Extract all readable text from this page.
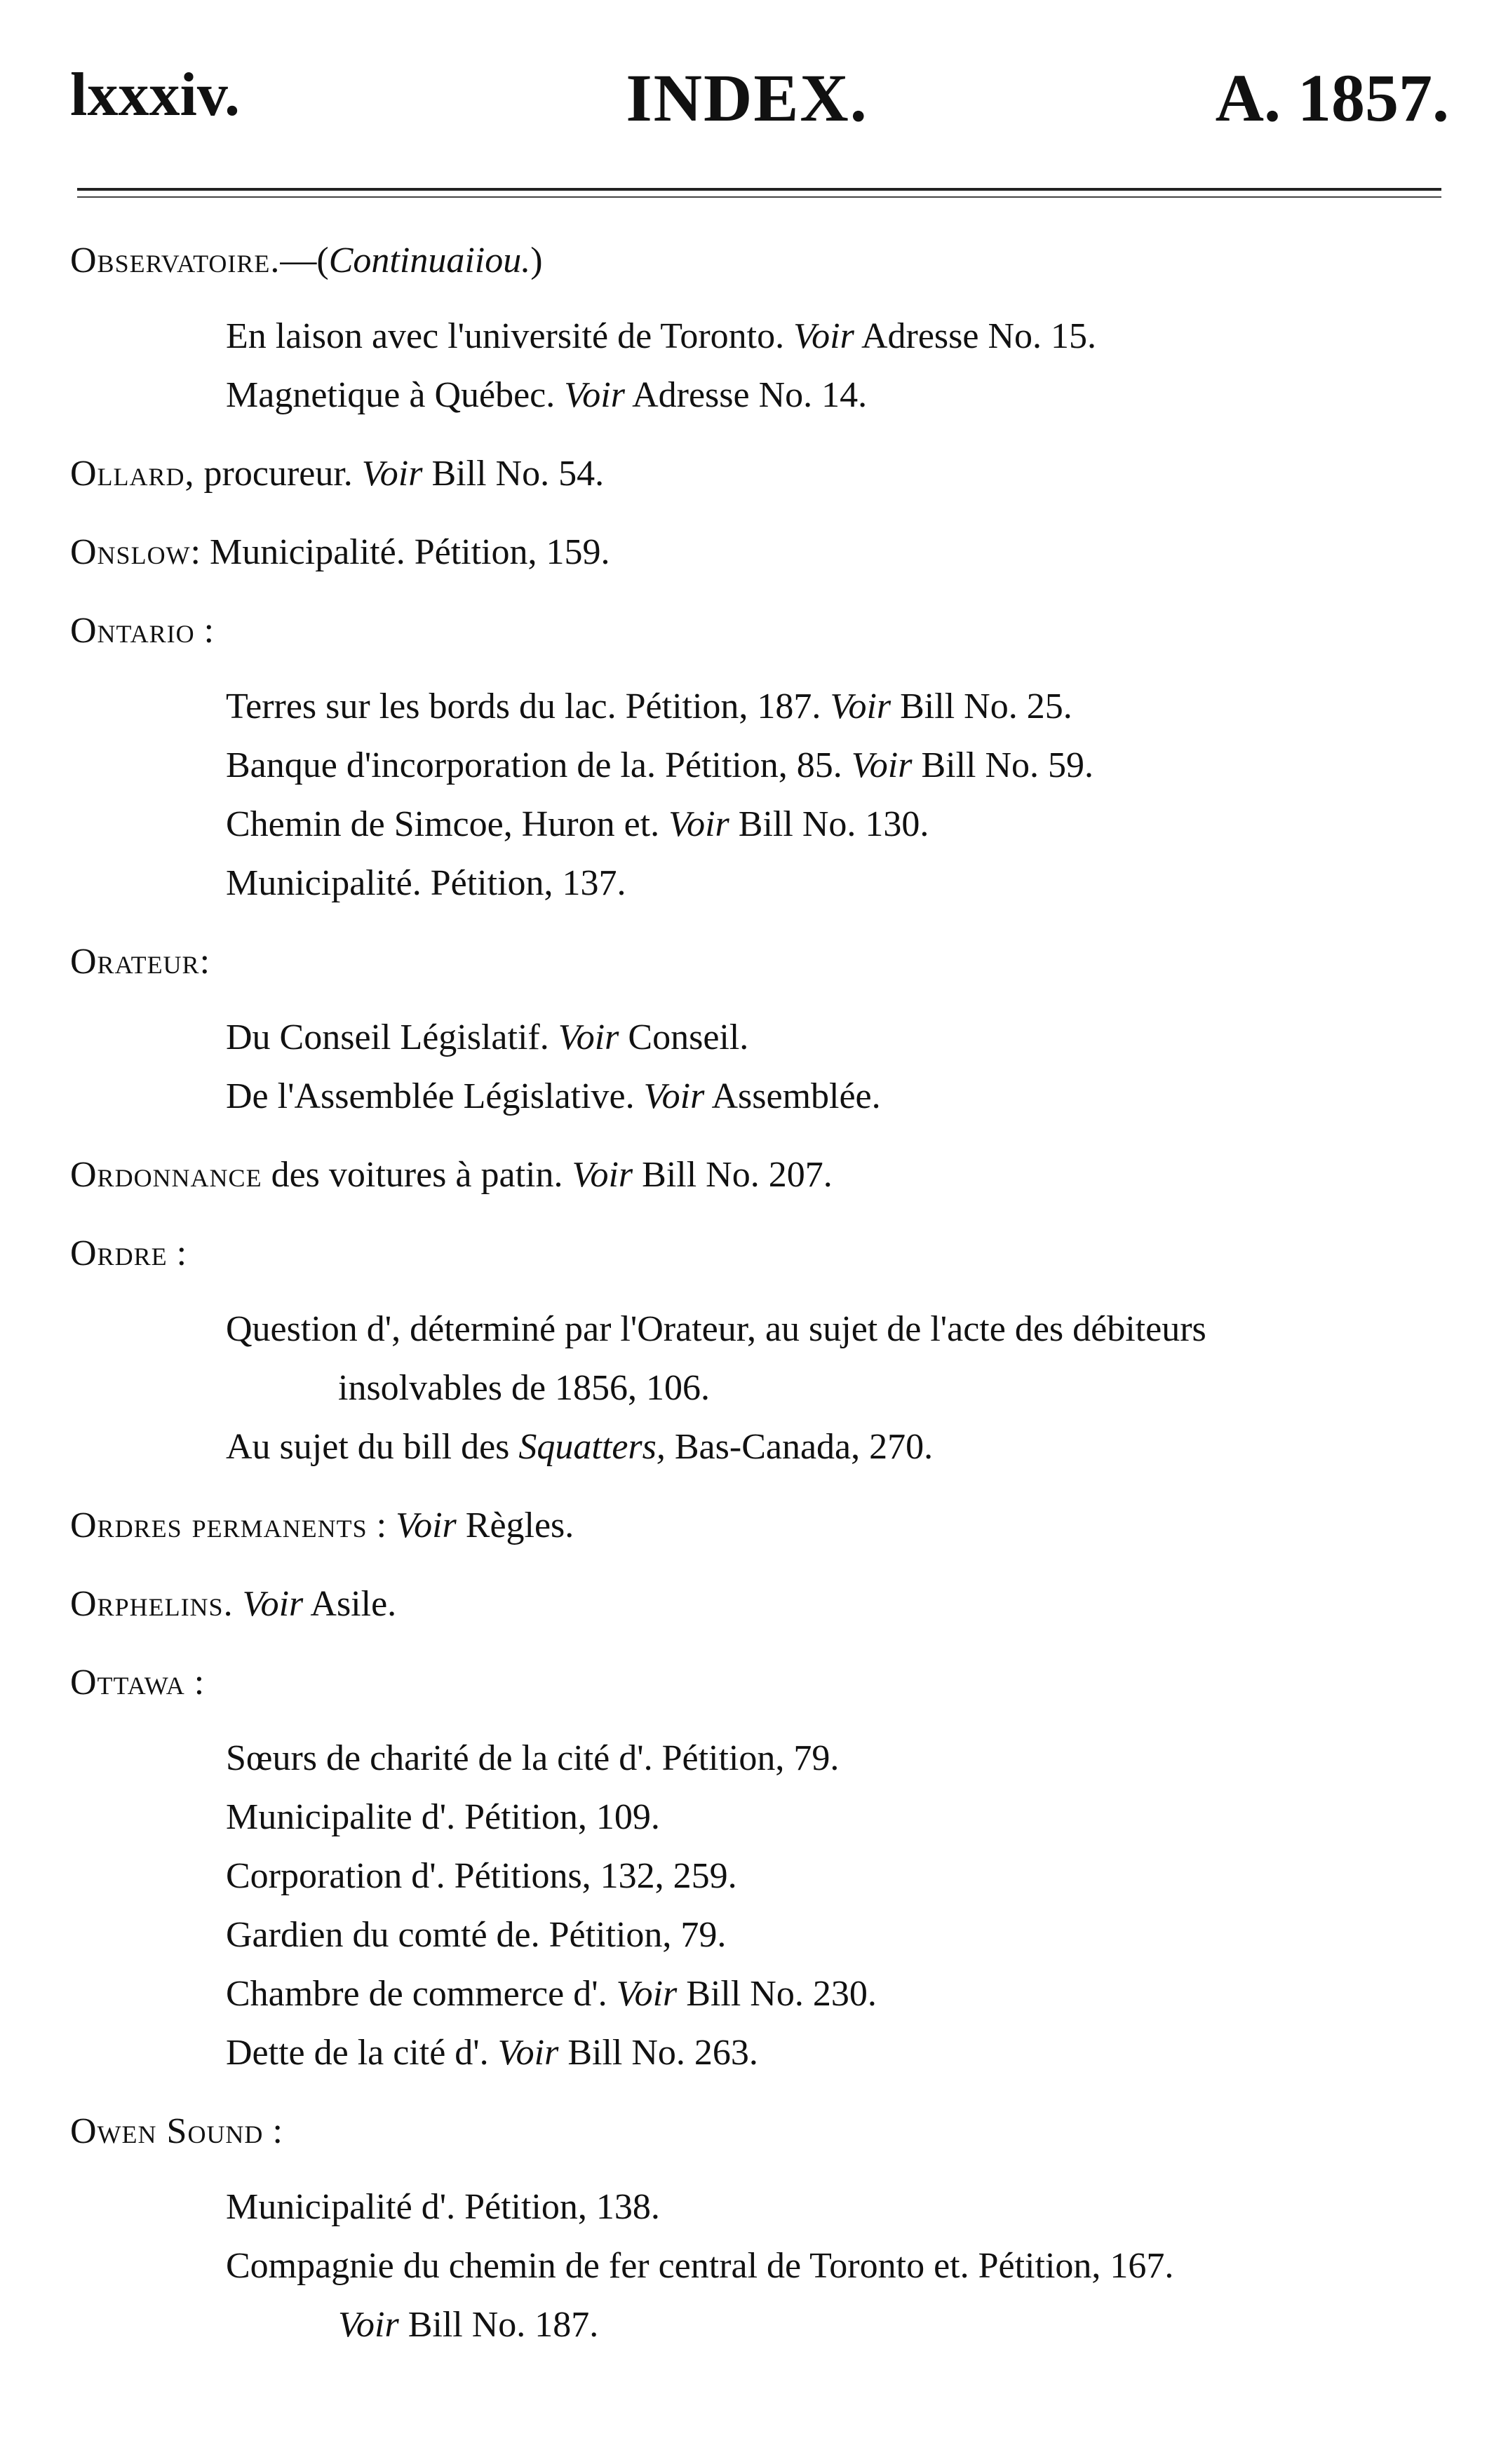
lxxxiv.	INDEX.	A. 1857.
Observatoire.—(Continuaiiou.)
En laison avec l'université de Toronto. Voir Adresse No. 15.
Magnetique à Québec. Voir Adresse No. 14.
Ollard, procureur. Voir Bill No. 54.
Onslow: Municipalité. Pétition, 159.
Ontario :
Terres sur les bords du lac. Pétition, 187. Voir Bill No. 25.
Banque d'incorporation de la. Pétition, 85. Voir Bill No. 59.
Chemin de Simcoe, Huron et. Voir Bill No. 130.
Municipalité. Pétition, 137.
Orateur:
Du Conseil Législatif. Voir Conseil.
De l'Assemblée Législative. Voir Assemblée.
Ordonnance des voitures à patin. Voir Bill No. 207.
Ordre :
Question d', déterminé par l'Orateur, au sujet de l'acte des débiteurs
insolvables de 1856, 106.
Au sujet du bill des Squatters, Bas-Canada, 270.
Ordres permanents : Voir Règles.
Orphelins. Voir Asile.
Ottawa :
Sœurs de charité de la cité d'. Pétition, 79.
Municipalite d'. Pétition, 109.
Corporation d'. Pétitions, 132, 259.
Gardien du comté de. Pétition, 79.
Chambre de commerce d'. Voir Bill No. 230.
Dette de la cité d'. Voir Bill No. 263.
Owen Sound :
Municipalité d'. Pétition, 138.
Compagnie du chemin de fer central de Toronto et. Pétition, 167.
Voir Bill No. 187.
